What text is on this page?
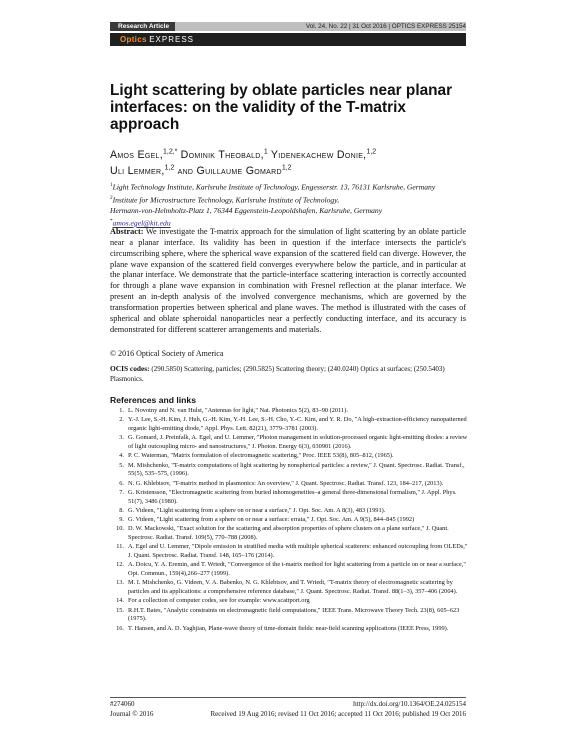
Research Article	Vol. 24, No. 22 | 31 Oct 2016 | OPTICS EXPRESS 25154
Optics EXPRESS
Light scattering by oblate particles near planar interfaces: on the validity of the T-matrix approach
Amos Egel,$^{1,2,*}$ Dominik Theobald,$^1$ Yidenekachew Donie,$^{1,2}$
Uli Lemmer,$^{1,2}$ and Guillaume Gomard$^{1,2}$
$^1$Light Technology Institute, Karlsruhe Institute of Technology, Engesserstr. 13, 76131 Karlsruhe, Germany
$^2$Institute for Microstructure Technology, Karlsruhe Institute of Technology,
Hermann-von-Helmholtz-Platz 1, 76344 Eggenstein-Leopoldshafen, Karlsruhe, Germany
*amos.egel@kit.edu
Abstract: We investigate the T-matrix approach for the simulation of light scattering by an oblate particle near a planar interface. Its validity has been in question if the interface intersects the particle's circumscribing sphere, where the spherical wave expansion of the scattered field can diverge. However, the plane wave expansion of the scattered field converges everywhere below the particle, and in particular at the planar interface. We demonstrate that the particle-interface scattering interaction is correctly accounted for through a plane wave expansion in combination with Fresnel reflection at the planar interface. We present an in-depth analysis of the involved convergence mechanisms, which are governed by the transformation properties between spherical and plane waves. The method is illustrated with the cases of spherical and oblate spheroidal nanoparticles near a perfectly conducting interface, and its accuracy is demonstrated for different scatterer arrangements and materials.
© 2016 Optical Society of America
OCIS codes: (290.5850) Scattering, particles; (290.5825) Scattering theory; (240.0240) Optics at surfaces; (250.5403) Plasmonics.
References and links
1. L. Novotny and N. van Hulst, "Antennas for light," Nat. Photonics 5(2), 83–90 (2011).
2. Y.-J. Lee, S.-H. Kim, J. Huh, G.-H. Kim, Y.-H. Lee, S.-H. Cho, Y.-C. Kim, and Y. R. Do, "A high-extraction-efficiency nanopatterned organic light-emitting diode," Appl. Phys. Lett. 82(21), 3779–3781 (2003).
3. G. Gomard, J. Preinfalk, A. Egel, and U. Lemmer, "Photon management in solution-processed organic light-emitting diodes: a review of light outcoupling micro- and nanostructures," J. Photon. Energy 6(3), 030901 (2016).
4. P. C. Waterman, "Matrix formulation of electromagnetic scattering," Proc. IEEE 53(8), 805–812, (1965).
5. M. Mishchenko, "T-matrix computations of light scattering by nonspherical particles: a review," J. Quant. Spectrosc. Radiat. Transf., 55(5), 535–575, (1996).
6. N. G. Khlebtsov, "T-matrix method in plasmonics: An overview," J. Quant. Spectrosc. Radiat. Transf. 123, 184–217, (2013).
7. G. Kristensson, "Electromagnetic scattering from buried inhomogeneities–a general three-dimensional formalism," J. Appl. Phys. 51(7), 3486 (1980).
8. G. Videen, "Light scattering from a sphere on or near a surface," J. Opt. Soc. Am. A 8(3), 483 (1991).
9. G. Videen, "Light scattering from a sphere on or near a surface: errata," J. Opt. Soc. Am. A 9(5), 844–845 (1992)
10. D. W. Mackowski, "Exact solution for the scattering and absorption properties of sphere clusters on a plane surface," J. Quant. Spectrosc. Radiat. Transf. 109(5), 770–788 (2008).
11. A. Egel and U. Lemmer, "Dipole emission in stratified media with multiple spherical scatterers: enhanced outcoupling from OLEDs," J. Quant. Spectrosc. Radiat. Transf. 148, 165–176 (2014).
12. A. Doicu, Y. A. Eremin, and T. Wriedt, "Convergence of the t-matrix method for light scattering from a particle on or near a surface," Opt. Commun., 159(4),266–277 (1999).
13. M. I. Mishchenko, G. Videen, V. A. Babenko, N. G. Khlebtsov, and T. Wriedt, "T-matrix theory of electromagnetic scattering by particles and its applications: a comprehensive reference database," J. Quant. Spectrosc. Radiat. Transf. 88(1–3), 357–406 (2004).
14. For a collection of computer codes, see for example: www.scattport.org
15. R.H.T. Bates, "Analytic constraints on electromagnetic field computations," IEEE Trans. Microwave Theory Tech. 23(8), 605–623 (1975).
16. T. Hansen, and A. D. Yaghjian, Plane-wave theory of time-domain fields: near-field scanning applications (IEEE Press, 1999).
#274060
Journal © 2016
http://dx.doi.org/10.1364/OE.24.025154
Received 19 Aug 2016; revised 11 Oct 2016; accepted 11 Oct 2016; published 19 Oct 2016
